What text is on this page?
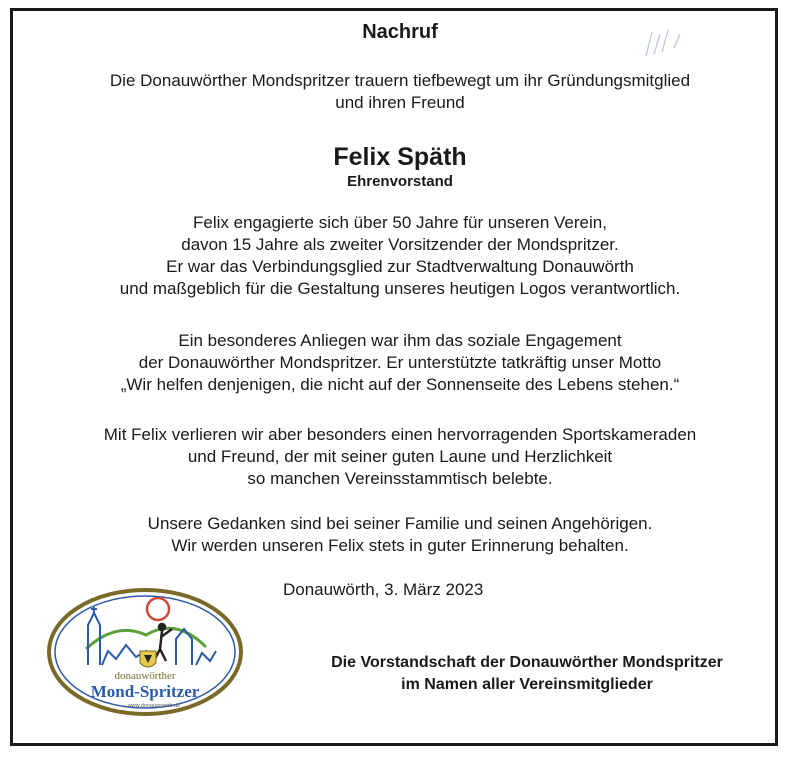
Nachruf
Die Donauwörther Mondspritzer trauern tiefbewegt um ihr Gründungsmitglied
und ihren Freund
Felix Späth
Ehrenvorstand
Felix engagierte sich über 50 Jahre für unseren Verein,
davon 15 Jahre als zweiter Vorsitzender der Mondspritzer.
Er war das Verbindungsglied zur Stadtverwaltung Donauwörth
und maßgeblich für die Gestaltung unseres heutigen Logos verantwortlich.
Ein besonderes Anliegen war ihm das soziale Engagement
der Donauwörther Mondspritzer. Er unterstützte tatkräftig unser Motto
„Wir helfen denjenigen, die nicht auf der Sonnenseite des Lebens stehen.“
Mit Felix verlieren wir aber besonders einen hervorragenden Sportskameraden
und Freund, der mit seiner guten Laune und Herzlichkeit
so manchen Vereinsstammtisch belebte.
Unsere Gedanken sind bei seiner Familie und seinen Angehörigen.
Wir werden unseren Felix stets in guter Erinnerung behalten.
Donauwörth, 3. März 2023
donauwörther
Mond-Spritzer
www.donauwoerth.de
Die Vorstandschaft der Donauwörther Mondspritzer
im Namen aller Vereinsmitglieder
